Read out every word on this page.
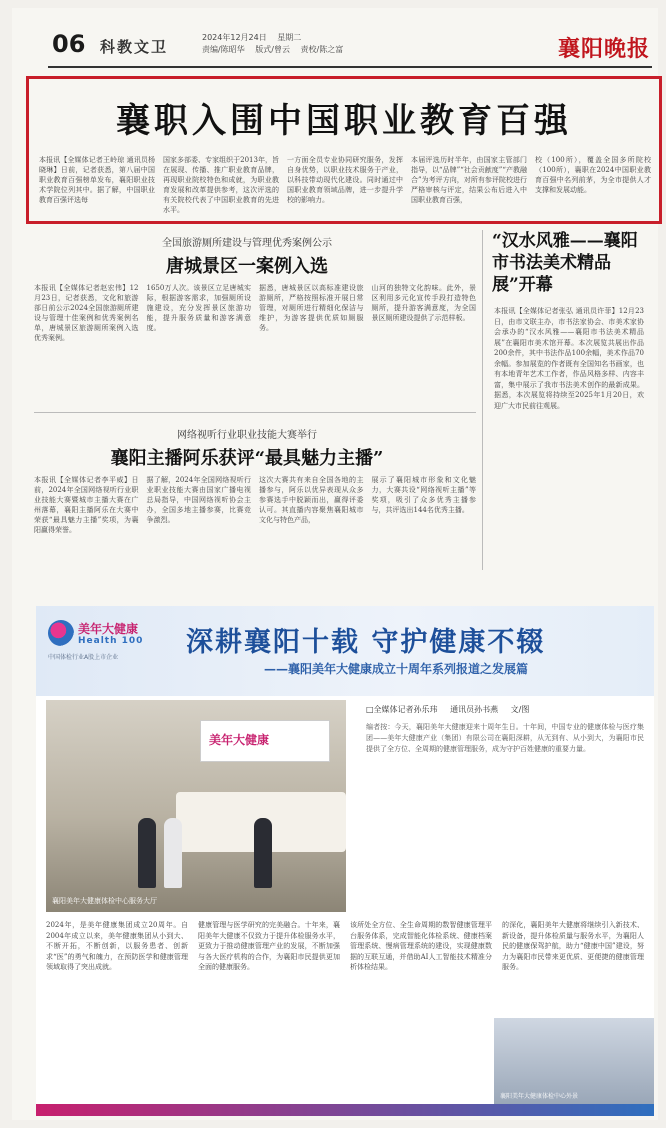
06 科教文卫
2024年12月24日 星期二
责编/陈昭华 版式/曾云 责校/陈之富	襄阳晚报
襄职入围中国职业教育百强
本报讯【全媒体记者王岭琼 通讯员杨晓琳】日前，记者获悉，第八届中国职业教育百强榜单发布，襄阳职业技术学院位列其中。据了解，中国职业教育百强评选每
国家多部委、专家组织于2013年，旨在展现、传播、推广职业教育品牌，再现职业院校特色和成就，为职业教育发展和改革提供参考，这次评选的有关院校代表了中国职业教育的先进水平。
一方面全员专业协同研究服务，发挥自身优势，以职业技术服务于产业，以科技带动现代化建设。同时通过中国职业教育领域品牌，进一步提升学校的影响力。
本届评选历时半年，由国家主管部门指导，以“品牌”“社会贡献度”“产教融合”为考评方向，对所有参评院校进行严格审核与评定，结果公布后进入中国职业教育百强，
校（100所），覆盖全国多所院校（100所），襄职在2024中国职业教育百强中名列前茅，为全市提供人才支撑和发展动能。
全国旅游厕所建设与管理优秀案例公示
唐城景区一案例入选
本报讯【全媒体记者赵宏伟】12月23日，记者获悉，文化和旅游部日前公示2024全国旅游厕所建设与管理十佳案例和优秀案例名单，唐城景区旅游厕所案例入选优秀案例。
1650万人次。该景区立足唐城实际，根据游客需求，加强厕所设施建设，充分发挥景区旅游功能，提升服务质量和游客满意度。
据悉，唐城景区以高标准建设旅游厕所，严格按照标准开展日常管理，对厕所进行精细化保洁与维护，为游客提供优质如厕服务。
山河的独特文化韵味。此外，景区利用多元化宣传手段打造特色厕所，提升游客满意度，为全国景区厕所建设提供了示范样板。
“汉水风雅——襄阳市书法美术精品展”开幕
本报讯【全媒体记者张弘 通讯员许菲】12月23日，由市文联主办，市书法家协会、市美术家协会承办的“汉水风雅——襄阳市书法美术精品展”在襄阳市美术馆开幕。本次展览共展出作品200余件，其中书法作品100余幅，美术作品70余幅。参加展览的作者既有全国知名书画家，也有本地青年艺术工作者，作品风格多样、内容丰富，集中展示了我市书法美术创作的最新成果。据悉，本次展览将持续至2025年1月20日，欢迎广大市民前往观展。
网络视听行业职业技能大赛举行
襄阳主播阿乐获评“最具魅力主播”
本报讯【全媒体记者李平威】日前，2024年全国网络视听行业职业技能大赛暨城市主播大赛在广州落幕，襄阳主播阿乐在大赛中荣获“最具魅力主播”奖项，为襄阳赢得荣誉。
据了解，2024年全国网络视听行业职业技能大赛由国家广播电视总局指导，中国网络视听协会主办，全国多地主播参赛，比赛竞争激烈。
这次大赛共有来自全国各地的主播参与，阿乐以优异表现从众多参赛选手中脱颖而出，赢得评委认可。其直播内容聚焦襄阳城市文化与特色产品，
展示了襄阳城市形象和文化魅力，大赛共设“网络视听主播”等奖项，吸引了众多优秀主播参与，共评选出144名优秀主播。
美年大健康
Health 100
中国体检行业A股上市企业	深耕襄阳十载 守护健康不辍
——襄阳美年大健康成立十周年系列报道之发展篇
美年大健康
襄阳美年大健康体检中心服务大厅
□全媒体记者孙乐玮 通讯员孙书燕 文/图
编者按：今天，襄阳美年大健康迎来十周年生日。十年间，中国专业的健康体检与医疗集团——美年大健康产业（集团）有限公司在襄阳深耕，从无到有、从小到大，为襄阳市民提供了全方位、全周期的健康管理服务，成为守护百姓健康的重要力量。
2024年，是美年健康集团成立20周年。自2004年成立以来，美年健康集团从小到大、不断开拓，不断创新，以服务患者、创新求“医”的勇气和魄力，在预防医学和健康管理领域取得了突出成就。
健康管理与医学研究的完美融合。十年来，襄阳美年大健康不仅致力于提升体检服务水平，更致力于推动健康管理产业的发展，不断加强与各大医疗机构的合作，为襄阳市民提供更加全面的健康服务。
该所处全方位、全生命周期的数智健康管理平台服务体系，完成智能化体检系统、健康档案管理系统、慢病管理系统的建设，实现健康数据的互联互通，并借助AI人工智能技术精准分析体检结果。
的深化，襄阳美年大健康将继续引入新技术、新设备，提升体检质量与服务水平，为襄阳人民的健康保驾护航，助力“健康中国”建设，努力为襄阳市民带来更优质、更便捷的健康管理服务。
襄阳美年大健康体检中心外景
